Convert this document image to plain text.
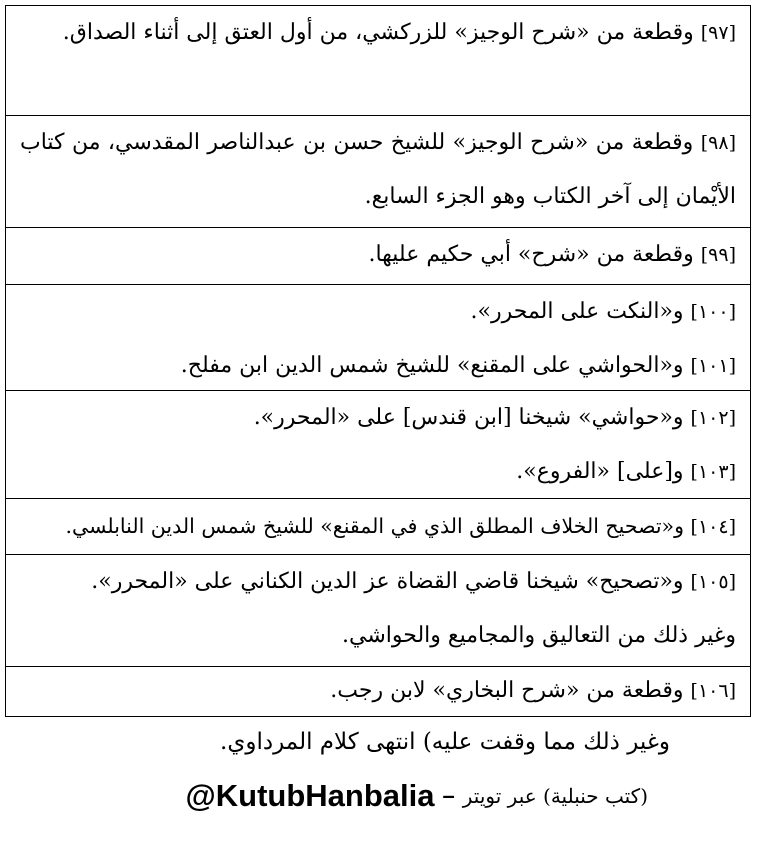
[٩٧] وقطعة من «شرح الوجيز» للزركشي، من أول العتق إلى أثناء الصداق.
[٩٨] وقطعة من «شرح الوجيز» للشيخ حسن بن عبدالناصر المقدسي، من كتاب الأيْمان إلى آخر الكتاب وهو الجزء السابع.
[٩٩] وقطعة من «شرح» أبي حكيم عليها.
[١٠٠] و«النكت على المحرر».
[١٠١] و«الحواشي على المقنع» للشيخ شمس الدين ابن مفلح.
[١٠٢] و«حواشي» شيخنا [ابن قندس] على «المحرر».
[١٠٣] و[على] «الفروع».
[١٠٤] و«تصحيح الخلاف المطلق الذي في المقنع» للشيخ شمس الدين النابلسي.
[١٠٥] و«تصحيح» شيخنا قاضي القضاة عز الدين الكناني على «المحرر».
وغير ذلك من التعاليق والمجاميع والحواشي.
[١٠٦] وقطعة من «شرح البخاري» لابن رجب.
وغير ذلك مما وقفت عليه) انتهى كلام المرداوي.
(كتب حنبلية) عبر تويتر
–
@KutubHanbalia
